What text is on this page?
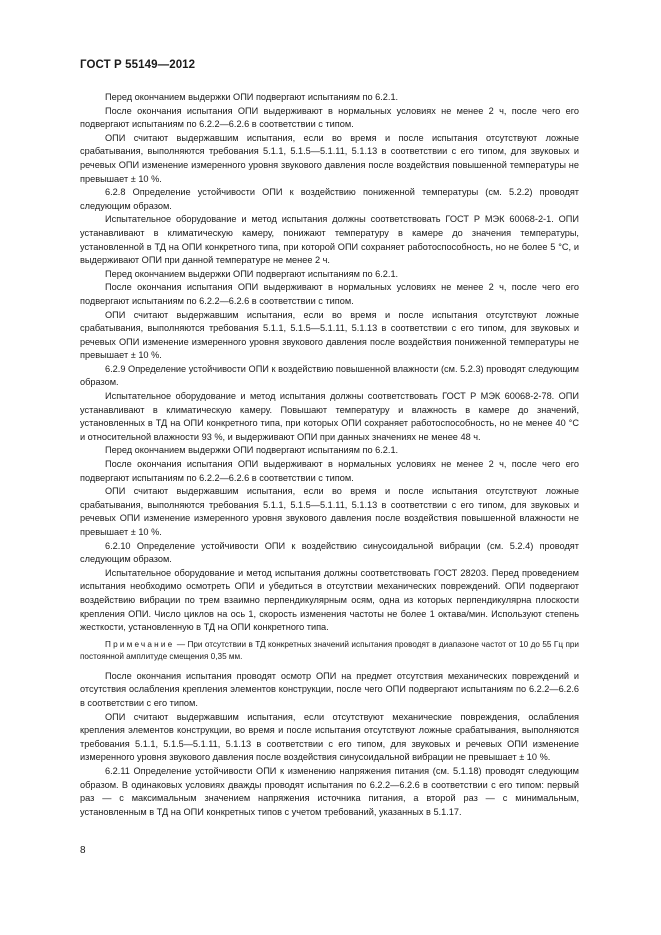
ГОСТ Р 55149—2012

Перед окончанием выдержки ОПИ подвергают испытаниям по 6.2.1.

После окончания испытания ОПИ выдерживают в нормальных условиях не менее 2 ч, после чего его подвергают испытаниям по 6.2.2—6.2.6 в соответствии с типом.

ОПИ считают выдержавшим испытания, если во время и после испытания отсутствуют ложные срабатывания, выполняются требования 5.1.1, 5.1.5—5.1.11, 5.1.13 в соответствии с его типом, для звуковых и речевых ОПИ изменение измеренного уровня звукового давления после воздействия повышенной температуры не превышает ± 10 %.

6.2.8 Определение устойчивости ОПИ к воздействию пониженной температуры (см. 5.2.2) проводят следующим образом.

Испытательное оборудование и метод испытания должны соответствовать ГОСТ Р МЭК 60068-2-1. ОПИ устанавливают в климатическую камеру, понижают температуру в камере до значения температуры, установленной в ТД на ОПИ конкретного типа, при которой ОПИ сохраняет работоспособность, но не более 5 °С, и выдерживают ОПИ при данной температуре не менее 2 ч.

Перед окончанием выдержки ОПИ подвергают испытаниям по 6.2.1.

После окончания испытания ОПИ выдерживают в нормальных условиях не менее 2 ч, после чего его подвергают испытаниям по 6.2.2—6.2.6 в соответствии с типом.

ОПИ считают выдержавшим испытания, если во время и после испытания отсутствуют ложные срабатывания, выполняются требования 5.1.1, 5.1.5—5.1.11, 5.1.13 в соответствии с его типом, для звуковых и речевых ОПИ изменение измеренного уровня звукового давления после воздействия пониженной температуры не превышает ± 10 %.

6.2.9 Определение устойчивости ОПИ к воздействию повышенной влажности (см. 5.2.3) проводят следующим образом.

Испытательное оборудование и метод испытания должны соответствовать ГОСТ Р МЭК 60068-2-78. ОПИ устанавливают в климатическую камеру. Повышают температуру и влажность в камере до значений, установленных в ТД на ОПИ конкретного типа, при которых ОПИ сохраняет работоспособность, но не менее 40 °С и относительной влажности 93 %, и выдерживают ОПИ при данных значениях не менее 48 ч.

Перед окончанием выдержки ОПИ подвергают испытаниям по 6.2.1.

После окончания испытания ОПИ выдерживают в нормальных условиях не менее 2 ч, после чего его подвергают испытаниям по 6.2.2—6.2.6 в соответствии с типом.

ОПИ считают выдержавшим испытания, если во время и после испытания отсутствуют ложные срабатывания, выполняются требования 5.1.1, 5.1.5—5.1.11, 5.1.13 в соответствии с его типом, для звуковых и речевых ОПИ изменение измеренного уровня звукового давления после воздействия повышенной влажности не превышает ± 10 %.

6.2.10 Определение устойчивости ОПИ к воздействию синусоидальной вибрации (см. 5.2.4) проводят следующим образом.

Испытательное оборудование и метод испытания должны соответствовать ГОСТ 28203. Перед проведением испытания необходимо осмотреть ОПИ и убедиться в отсутствии механических повреждений. ОПИ подвергают воздействию вибрации по трем взаимно перпендикулярным осям, одна из которых перпендикулярна плоскости крепления ОПИ. Число циклов на ось 1, скорость изменения частоты не более 1 октава/мин. Используют степень жесткости, установленную в ТД на ОПИ конкретного типа.

Примечание — При отсутствии в ТД конкретных значений испытания проводят в диапазоне частот от 10 до 55 Гц при постоянной амплитуде смещения 0,35 мм.

После окончания испытания проводят осмотр ОПИ на предмет отсутствия механических повреждений и отсутствия ослабления крепления элементов конструкции, после чего ОПИ подвергают испытаниям по 6.2.2—6.2.6 в соответствии с его типом.

ОПИ считают выдержавшим испытания, если отсутствуют механические повреждения, ослабления крепления элементов конструкции, во время и после испытания отсутствуют ложные срабатывания, выполняются требования 5.1.1, 5.1.5—5.1.11, 5.1.13 в соответствии с его типом, для звуковых и речевых ОПИ изменение измеренного уровня звукового давления после воздействия синусоидальной вибрации не превышает ± 10 %.

6.2.11 Определение устойчивости ОПИ к изменению напряжения питания (см. 5.1.18) проводят следующим образом. В одинаковых условиях дважды проводят испытания по 6.2.2—6.2.6 в соответствии с его типом: первый раз — с максимальным значением напряжения источника питания, а второй раз — с минимальным, установленным в ТД на ОПИ конкретных типов с учетом требований, указанных в 5.1.17.

8
